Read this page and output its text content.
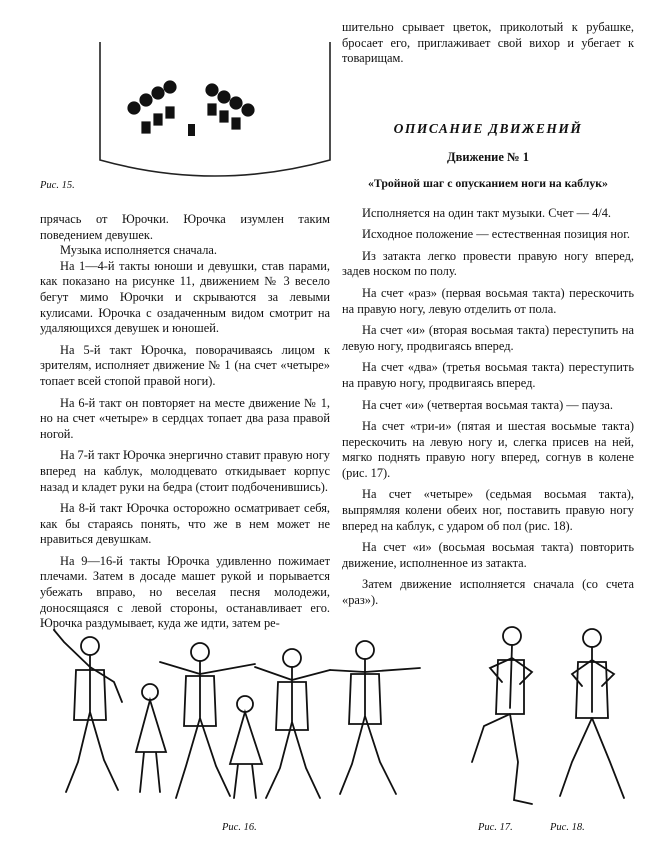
Рис. 15.

прячась от Юрочки. Юрочка изумлен таким поведением девушек.

Музыка исполняется сначала.

На 1—4-й такты юноши и девушки, став парами, как показано на рисунке 11, движением № 3 весело бегут мимо Юрочки и скрываются за левыми кулисами. Юрочка с озадаченным видом смотрит на удаляющихся девушек и юношей.

На 5-й такт Юрочка, поворачиваясь лицом к зрителям, исполняет движение № 1 (на счет «четыре» топает всей стопой правой ноги).

На 6-й такт он повторяет на месте движение № 1, но на счет «четыре» в сердцах топает два раза правой ногой.

На 7-й такт Юрочка энергично ставит правую ногу вперед на каблук, молодцевато откидывает корпус назад и кладет руки на бедра (стоит подбоченившись).

На 8-й такт Юрочка осторожно осматривает себя, как бы стараясь понять, что же в нем может не нравиться девушкам.

На 9—16-й такты Юрочка удивленно пожимает плечами. Затем в досаде машет рукой и порывается убежать вправо, но веселая песня молодежи, доносящаяся с левой стороны, останавливает его. Юрочка раздумывает, куда же идти, затем ре-

шительно срывает цветок, приколотый к рубашке, бросает его, приглаживает свой вихор и убегает к товарищам.

ОПИСАНИЕ ДВИЖЕНИЙ

Движение № 1

«Тройной шаг с опусканием ноги на каблук»

Исполняется на один такт музыки. Счет — 4/4.

Исходное положение — естественная позиция ног.

Из затакта легко провести правую ногу вперед, задев носком по полу.

На счет «раз» (первая восьмая такта) перескочить на правую ногу, левую отделить от пола.

На счет «и» (вторая восьмая такта) переступить на левую ногу, продвигаясь вперед.

На счет «два» (третья восьмая такта) переступить на правую ногу, продвигаясь вперед.

На счет «и» (четвертая восьмая такта) — пауза.

На счет «три-и» (пятая и шестая восьмые такта) перескочить на левую ногу и, слегка присев на ней, мягко поднять правую ногу вперед, согнув в колене (рис. 17).

На счет «четыре» (седьмая восьмая такта), выпрямляя колени обеих ног, поставить правую ногу вперед на каблук, с ударом об пол (рис. 18).

На счет «и» (восьмая восьмая такта) повторить движение, исполненное из затакта.

Затем движение исполняется сначала (со счета «раз»).

Рис. 16.	Рис. 17.	Рис. 18.
